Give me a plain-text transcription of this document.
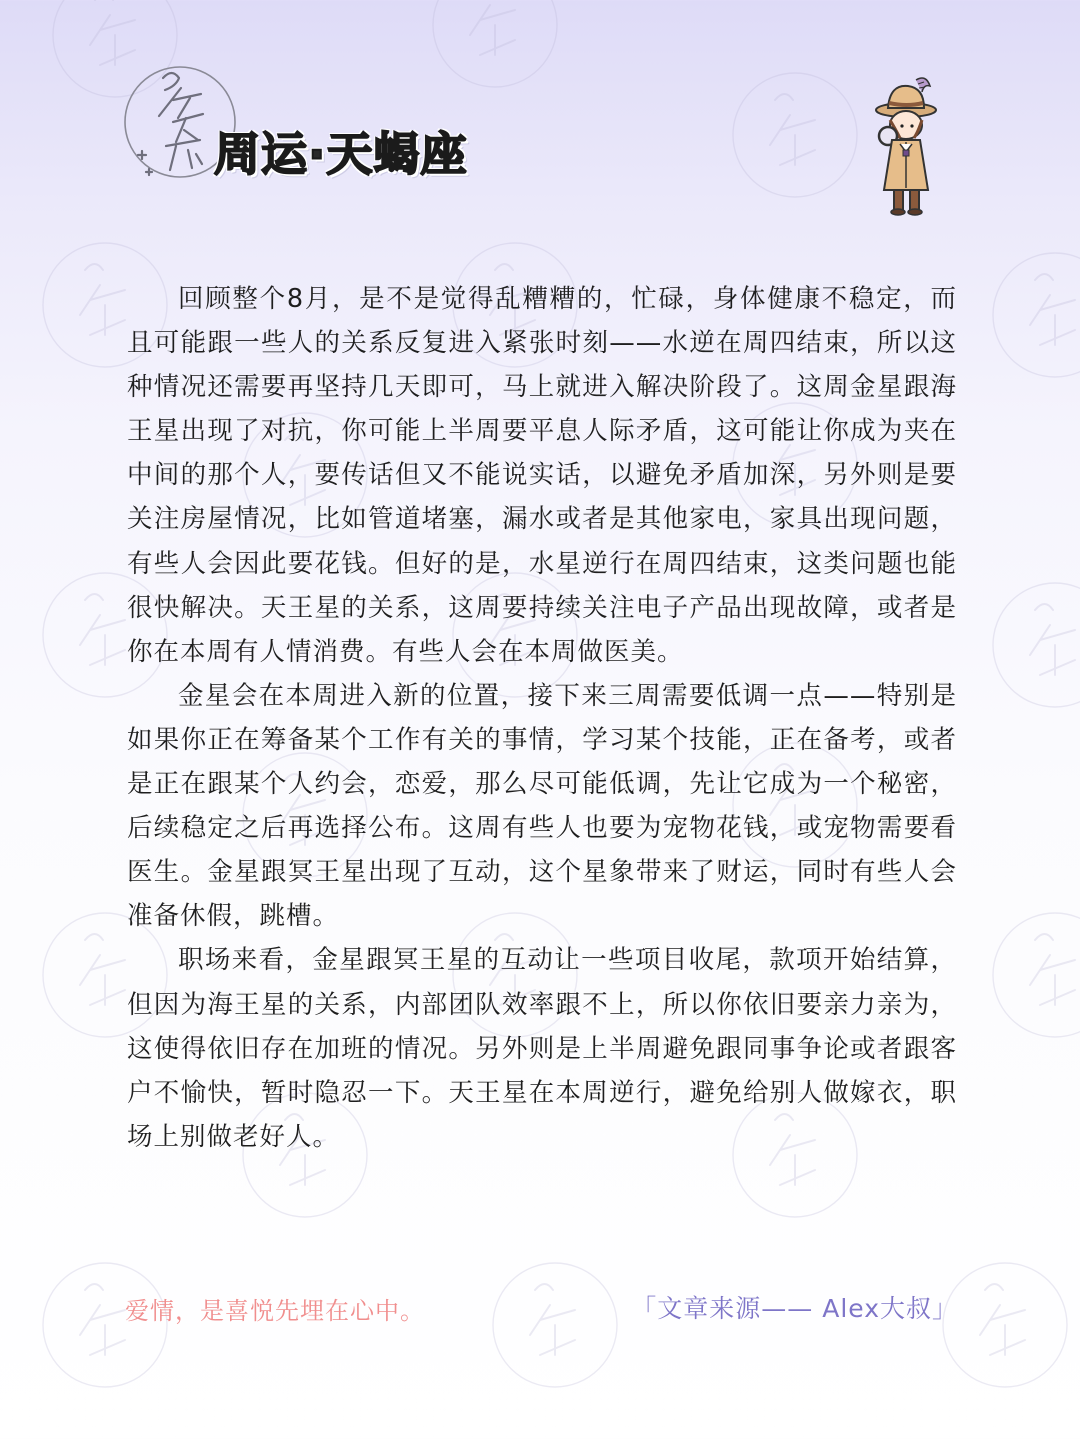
周运·天蝎座

回顾整个8月，是不是觉得乱糟糟的，忙碌，身体健康不稳定，而且可能跟一些人的关系反复进入紧张时刻——水逆在周四结束，所以这种情况还需要再坚持几天即可，马上就进入解决阶段了。这周金星跟海王星出现了对抗，你可能上半周要平息人际矛盾，这可能让你成为夹在中间的那个人，要传话但又不能说实话，以避免矛盾加深，另外则是要关注房屋情况，比如管道堵塞，漏水或者是其他家电，家具出现问题，有些人会因此要花钱。但好的是，水星逆行在周四结束，这类问题也能很快解决。天王星的关系，这周要持续关注电子产品出现故障，或者是你在本周有人情消费。有些人会在本周做医美。

金星会在本周进入新的位置，接下来三周需要低调一点——特别是如果你正在筹备某个工作有关的事情，学习某个技能，正在备考，或者是正在跟某个人约会，恋爱，那么尽可能低调，先让它成为一个秘密，后续稳定之后再选择公布。这周有些人也要为宠物花钱，或宠物需要看医生。金星跟冥王星出现了互动，这个星象带来了财运，同时有些人会准备休假，跳槽。

职场来看，金星跟冥王星的互动让一些项目收尾，款项开始结算，但因为海王星的关系，内部团队效率跟不上，所以你依旧要亲力亲为，这使得依旧存在加班的情况。另外则是上半周避免跟同事争论或者跟客户不愉快，暂时隐忍一下。天王星在本周逆行，避免给别人做嫁衣，职场上别做老好人。

爱情，是喜悦先埋在心中。	「文章来源—— Alex大叔」
